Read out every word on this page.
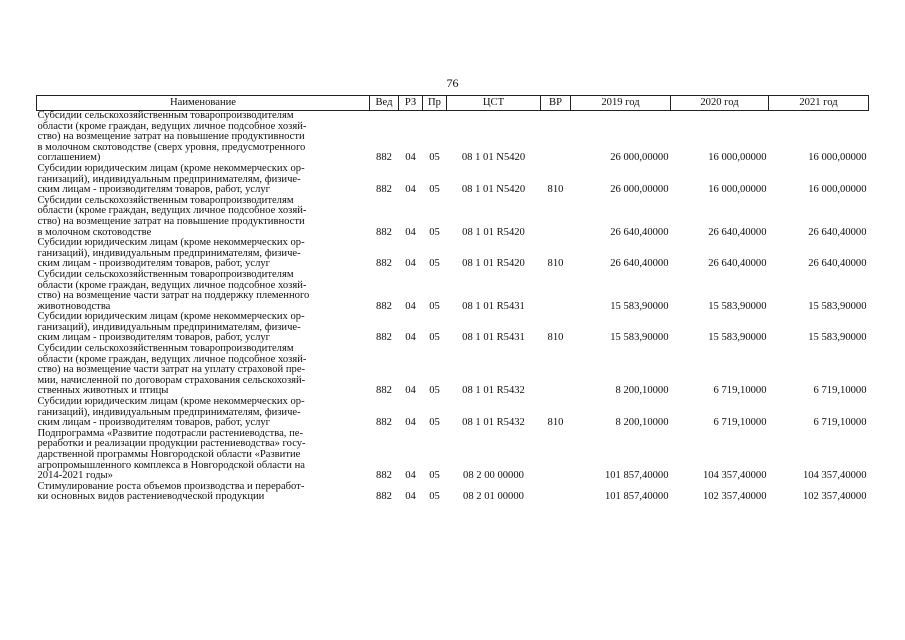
76
Наименование	Вед	РЗ	Пр	ЦСТ	ВР	2019 год	2020 год	2021 год

Субсидии сельскохозяйственным товаропроизводителям
области (кроме граждан, ведущих личное подсобное хозяй-
ство) на возмещение затрат на повышение продуктивности
в молочном скотоводстве (сверх уровня, предусмотренного
соглашением)	882	04	05	08 1 01 N5420		26 000,00000	16 000,00000	16 000,00000

Субсидии юридическим лицам (кроме некоммерческих ор-
ганизаций), индивидуальным предпринимателям, физиче-
ским лицам - производителям товаров, работ, услуг	882	04	05	08 1 01 N5420	810	26 000,00000	16 000,00000	16 000,00000

Субсидии сельскохозяйственным товаропроизводителям
области (кроме граждан, ведущих личное подсобное хозяй-
ство) на возмещение затрат на повышение продуктивности
в молочном скотоводстве	882	04	05	08 1 01 R5420		26 640,40000	26 640,40000	26 640,40000

Субсидии юридическим лицам (кроме некоммерческих ор-
ганизаций), индивидуальным предпринимателям, физиче-
ским лицам - производителям товаров, работ, услуг	882	04	05	08 1 01 R5420	810	26 640,40000	26 640,40000	26 640,40000

Субсидии сельскохозяйственным товаропроизводителям
области (кроме граждан, ведущих личное подсобное хозяй-
ство) на возмещение части затрат на поддержку племенного
животноводства	882	04	05	08 1 01 R5431		15 583,90000	15 583,90000	15 583,90000

Субсидии юридическим лицам (кроме некоммерческих ор-
ганизаций), индивидуальным предпринимателям, физиче-
ским лицам - производителям товаров, работ, услуг	882	04	05	08 1 01 R5431	810	15 583,90000	15 583,90000	15 583,90000

Субсидии сельскохозяйственным товаропроизводителям
области (кроме граждан, ведущих личное подсобное хозяй-
ство) на возмещение части затрат на уплату страховой пре-
мии, начисленной по договорам страхования сельскохозяй-
ственных животных и птицы	882	04	05	08 1 01 R5432		8 200,10000	6 719,10000	6 719,10000

Субсидии юридическим лицам (кроме некоммерческих ор-
ганизаций), индивидуальным предпринимателям, физиче-
ским лицам - производителям товаров, работ, услуг	882	04	05	08 1 01 R5432	810	8 200,10000	6 719,10000	6 719,10000

Подпрограмма «Развитие подотрасли растениеводства, пе-
реработки и реализации продукции растениеводства» госу-
дарственной программы Новгородской области «Развитие
агропромышленного комплекса в Новгородской области на
2014-2021 годы»	882	04	05	08 2 00 00000		101 857,40000	104 357,40000	104 357,40000

Стимулирование роста объемов производства и переработ-
ки основных видов растениеводческой продукции	882	04	05	08 2 01 00000		101 857,40000	102 357,40000	102 357,40000
